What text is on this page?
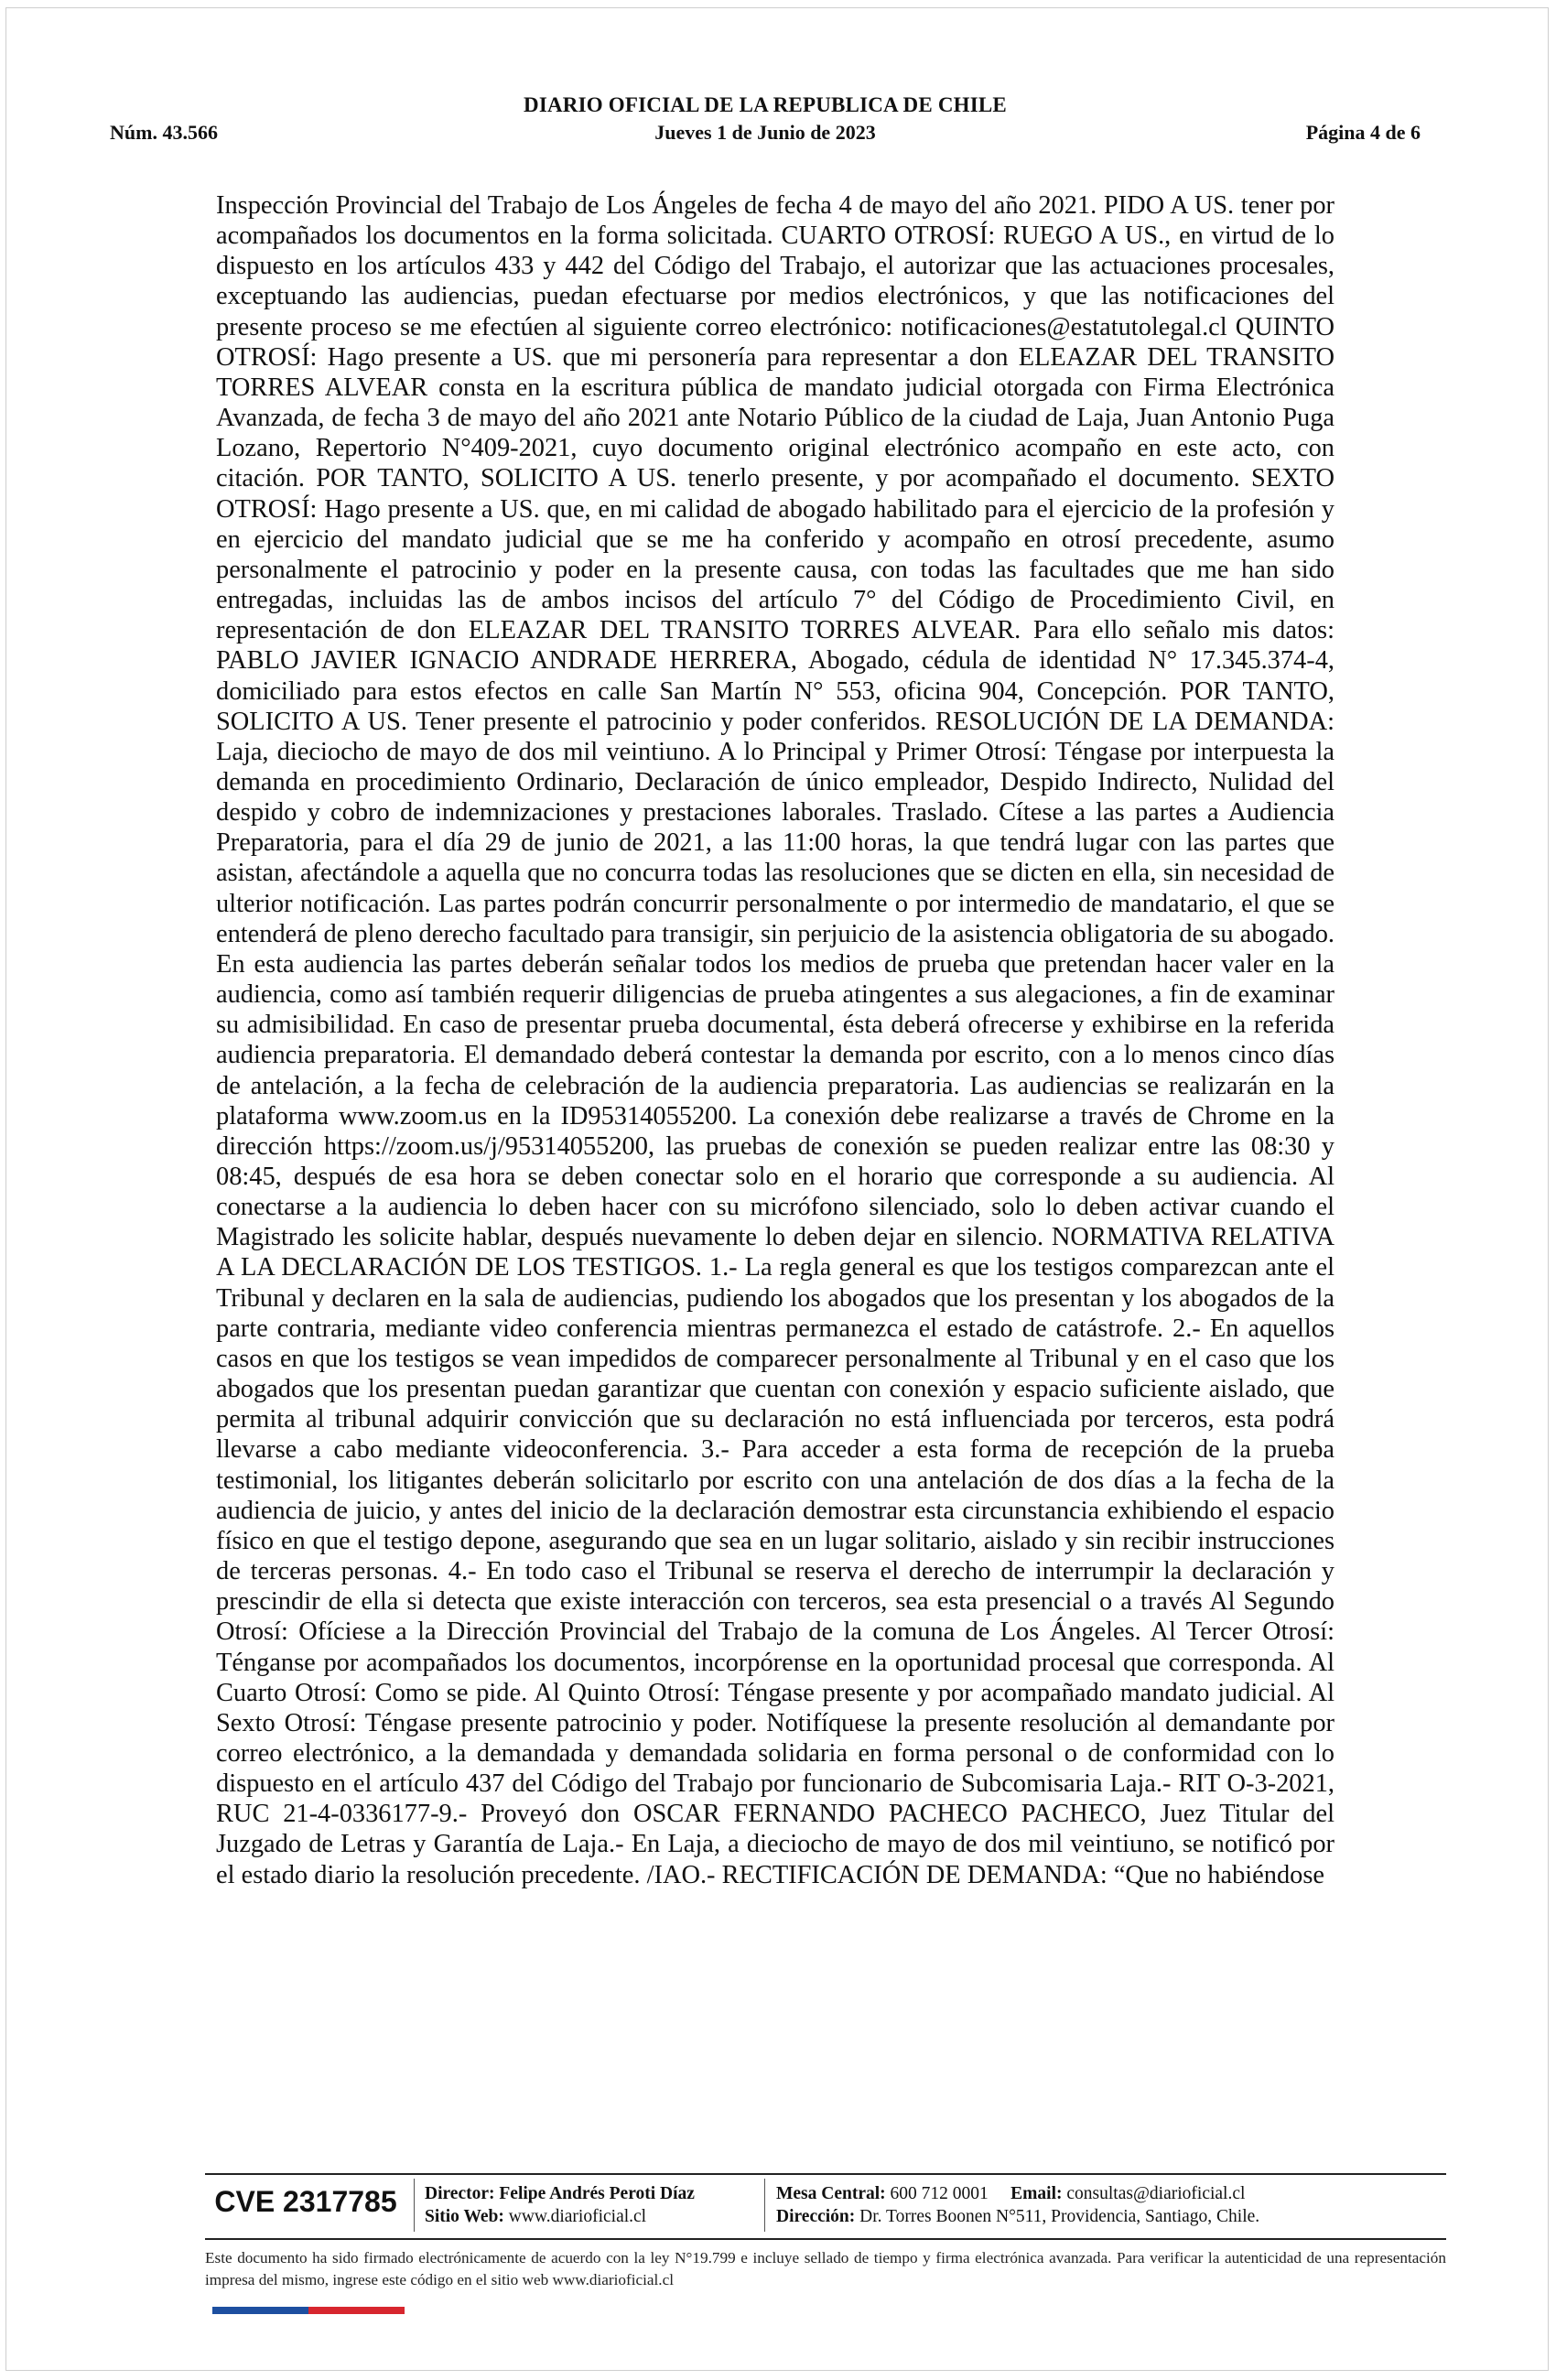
DIARIO OFICIAL DE LA REPUBLICA DE CHILE
Núm. 43.566	Jueves 1 de Junio de 2023	Página 4 de 6
Inspección Provincial del Trabajo de Los Ángeles de fecha 4 de mayo del año 2021. PIDO A US. tener por acompañados los documentos en la forma solicitada. CUARTO OTROSÍ: RUEGO A US., en virtud de lo dispuesto en los artículos 433 y 442 del Código del Trabajo, el autorizar que las actuaciones procesales, exceptuando las audiencias, puedan efectuarse por medios electrónicos, y que las notificaciones del presente proceso se me efectúen al siguiente correo electrónico: notificaciones@estatutolegal.cl QUINTO OTROSÍ: Hago presente a US. que mi personería para representar a don ELEAZAR DEL TRANSITO TORRES ALVEAR consta en la escritura pública de mandato judicial otorgada con Firma Electrónica Avanzada, de fecha 3 de mayo del año 2021 ante Notario Público de la ciudad de Laja, Juan Antonio Puga Lozano, Repertorio N°409-2021, cuyo documento original electrónico acompaño en este acto, con citación. POR TANTO, SOLICITO A US. tenerlo presente, y por acompañado el documento. SEXTO OTROSÍ: Hago presente a US. que, en mi calidad de abogado habilitado para el ejercicio de la profesión y en ejercicio del mandato judicial que se me ha conferido y acompaño en otrosí precedente, asumo personalmente el patrocinio y poder en la presente causa, con todas las facultades que me han sido entregadas, incluidas las de ambos incisos del artículo 7° del Código de Procedimiento Civil, en representación de don ELEAZAR DEL TRANSITO TORRES ALVEAR. Para ello señalo mis datos: PABLO JAVIER IGNACIO ANDRADE HERRERA, Abogado, cédula de identidad N° 17.345.374-4, domiciliado para estos efectos en calle San Martín N° 553, oficina 904, Concepción. POR TANTO, SOLICITO A US. Tener presente el patrocinio y poder conferidos. RESOLUCIÓN DE LA DEMANDA: Laja, dieciocho de mayo de dos mil veintiuno. A lo Principal y Primer Otrosí: Téngase por interpuesta la demanda en procedimiento Ordinario, Declaración de único empleador, Despido Indirecto, Nulidad del despido y cobro de indemnizaciones y prestaciones laborales. Traslado. Cítese a las partes a Audiencia Preparatoria, para el día 29 de junio de 2021, a las 11:00 horas, la que tendrá lugar con las partes que asistan, afectándole a aquella que no concurra todas las resoluciones que se dicten en ella, sin necesidad de ulterior notificación. Las partes podrán concurrir personalmente o por intermedio de mandatario, el que se entenderá de pleno derecho facultado para transigir, sin perjuicio de la asistencia obligatoria de su abogado. En esta audiencia las partes deberán señalar todos los medios de prueba que pretendan hacer valer en la audiencia, como así también requerir diligencias de prueba atingentes a sus alegaciones, a fin de examinar su admisibilidad. En caso de presentar prueba documental, ésta deberá ofrecerse y exhibirse en la referida audiencia preparatoria. El demandado deberá contestar la demanda por escrito, con a lo menos cinco días de antelación, a la fecha de celebración de la audiencia preparatoria. Las audiencias se realizarán en la plataforma www.zoom.us en la ID95314055200. La conexión debe realizarse a través de Chrome en la dirección https://zoom.us/j/95314055200, las pruebas de conexión se pueden realizar entre las 08:30 y 08:45, después de esa hora se deben conectar solo en el horario que corresponde a su audiencia. Al conectarse a la audiencia lo deben hacer con su micrófono silenciado, solo lo deben activar cuando el Magistrado les solicite hablar, después nuevamente lo deben dejar en silencio. NORMATIVA RELATIVA A LA DECLARACIÓN DE LOS TESTIGOS. 1.- La regla general es que los testigos comparezcan ante el Tribunal y declaren en la sala de audiencias, pudiendo los abogados que los presentan y los abogados de la parte contraria, mediante video conferencia mientras permanezca el estado de catástrofe. 2.- En aquellos casos en que los testigos se vean impedidos de comparecer personalmente al Tribunal y en el caso que los abogados que los presentan puedan garantizar que cuentan con conexión y espacio suficiente aislado, que permita al tribunal adquirir convicción que su declaración no está influenciada por terceros, esta podrá llevarse a cabo mediante videoconferencia. 3.- Para acceder a esta forma de recepción de la prueba testimonial, los litigantes deberán solicitarlo por escrito con una antelación de dos días a la fecha de la audiencia de juicio, y antes del inicio de la declaración demostrar esta circunstancia exhibiendo el espacio físico en que el testigo depone, asegurando que sea en un lugar solitario, aislado y sin recibir instrucciones de terceras personas. 4.- En todo caso el Tribunal se reserva el derecho de interrumpir la declaración y prescindir de ella si detecta que existe interacción con terceros, sea esta presencial o a través Al Segundo Otrosí: Ofíciese a la Dirección Provincial del Trabajo de la comuna de Los Ángeles. Al Tercer Otrosí: Ténganse por acompañados los documentos, incorpórense en la oportunidad procesal que corresponda. Al Cuarto Otrosí: Como se pide. Al Quinto Otrosí: Téngase presente y por acompañado mandato judicial. Al Sexto Otrosí: Téngase presente patrocinio y poder. Notifíquese la presente resolución al demandante por correo electrónico, a la demandada y demandada solidaria en forma personal o de conformidad con lo dispuesto en el artículo 437 del Código del Trabajo por funcionario de Subcomisaria Laja.- RIT O-3-2021, RUC 21-4-0336177-9.- Proveyó don OSCAR FERNANDO PACHECO PACHECO, Juez Titular del Juzgado de Letras y Garantía de Laja.- En Laja, a dieciocho de mayo de dos mil veintiuno, se notificó por el estado diario la resolución precedente. /IAO.- RECTIFICACIÓN DE DEMANDA: “Que no habiéndose
CVE 2317785	Director: Felipe Andrés Peroti Díaz
Sitio Web: www.diarioficial.cl
Mesa Central: 600 712 0001 Email: consultas@diarioficial.cl
Dirección: Dr. Torres Boonen N°511, Providencia, Santiago, Chile.
Este documento ha sido firmado electrónicamente de acuerdo con la ley N°19.799 e incluye sellado de tiempo y firma electrónica avanzada. Para verificar la autenticidad de una representación impresa del mismo, ingrese este código en el sitio web www.diarioficial.cl
